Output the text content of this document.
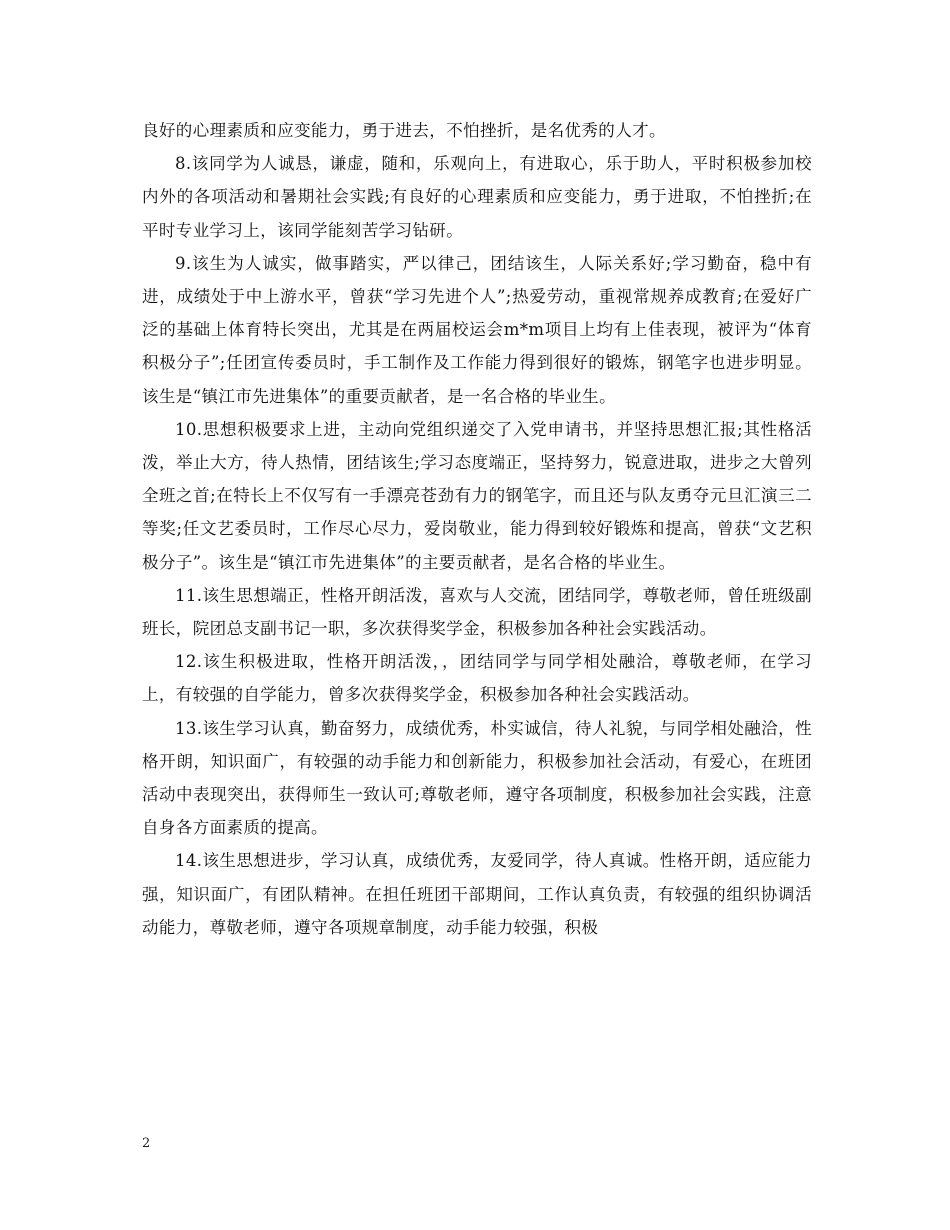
良好的心理素质和应变能力，勇于进去，不怕挫折，是名优秀的人才。

8.该同学为人诚恳，谦虚，随和，乐观向上，有进取心，乐于助人，平时积极参加校内外的各项活动和暑期社会实践;有良好的心理素质和应变能力，勇于进取，不怕挫折;在平时专业学习上，该同学能刻苦学习钻研。

9.该生为人诚实，做事踏实，严以律己，团结该生，人际关系好;学习勤奋，稳中有进，成绩处于中上游水平，曾获“学习先进个人”;热爱劳动，重视常规养成教育;在爱好广泛的基础上体育特长突出，尤其是在两届校运会m*m项目上均有上佳表现，被评为“体育积极分子”;任团宣传委员时，手工制作及工作能力得到很好的锻炼，钢笔字也进步明显。该生是“镇江市先进集体”的重要贡献者，是一名合格的毕业生。

10.思想积极要求上进，主动向党组织递交了入党申请书，并坚持思想汇报;其性格活泼，举止大方，待人热情，团结该生;学习态度端正，坚持努力，锐意进取，进步之大曾列全班之首;在特长上不仅写有一手漂亮苍劲有力的钢笔字，而且还与队友勇夺元旦汇演三二等奖;任文艺委员时，工作尽心尽力，爱岗敬业，能力得到较好锻炼和提高，曾获“文艺积极分子”。该生是“镇江市先进集体”的主要贡献者，是名合格的毕业生。

11.该生思想端正，性格开朗活泼，喜欢与人交流，团结同学，尊敬老师，曾任班级副班长，院团总支副书记一职，多次获得奖学金，积极参加各种社会实践活动。

12.该生积极进取，性格开朗活泼，，团结同学与同学相处融洽，尊敬老师，在学习上，有较强的自学能力，曾多次获得奖学金，积极参加各种社会实践活动。

13.该生学习认真，勤奋努力，成绩优秀，朴实诚信，待人礼貌，与同学相处融洽，性格开朗，知识面广，有较强的动手能力和创新能力，积极参加社会活动，有爱心，在班团活动中表现突出，获得师生一致认可;尊敬老师，遵守各项制度，积极参加社会实践，注意自身各方面素质的提高。

14.该生思想进步，学习认真，成绩优秀，友爱同学，待人真诚。性格开朗，适应能力强，知识面广，有团队精神。在担任班团干部期间，工作认真负责，有较强的组织协调活动能力，尊敬老师，遵守各项规章制度，动手能力较强，积极

2
